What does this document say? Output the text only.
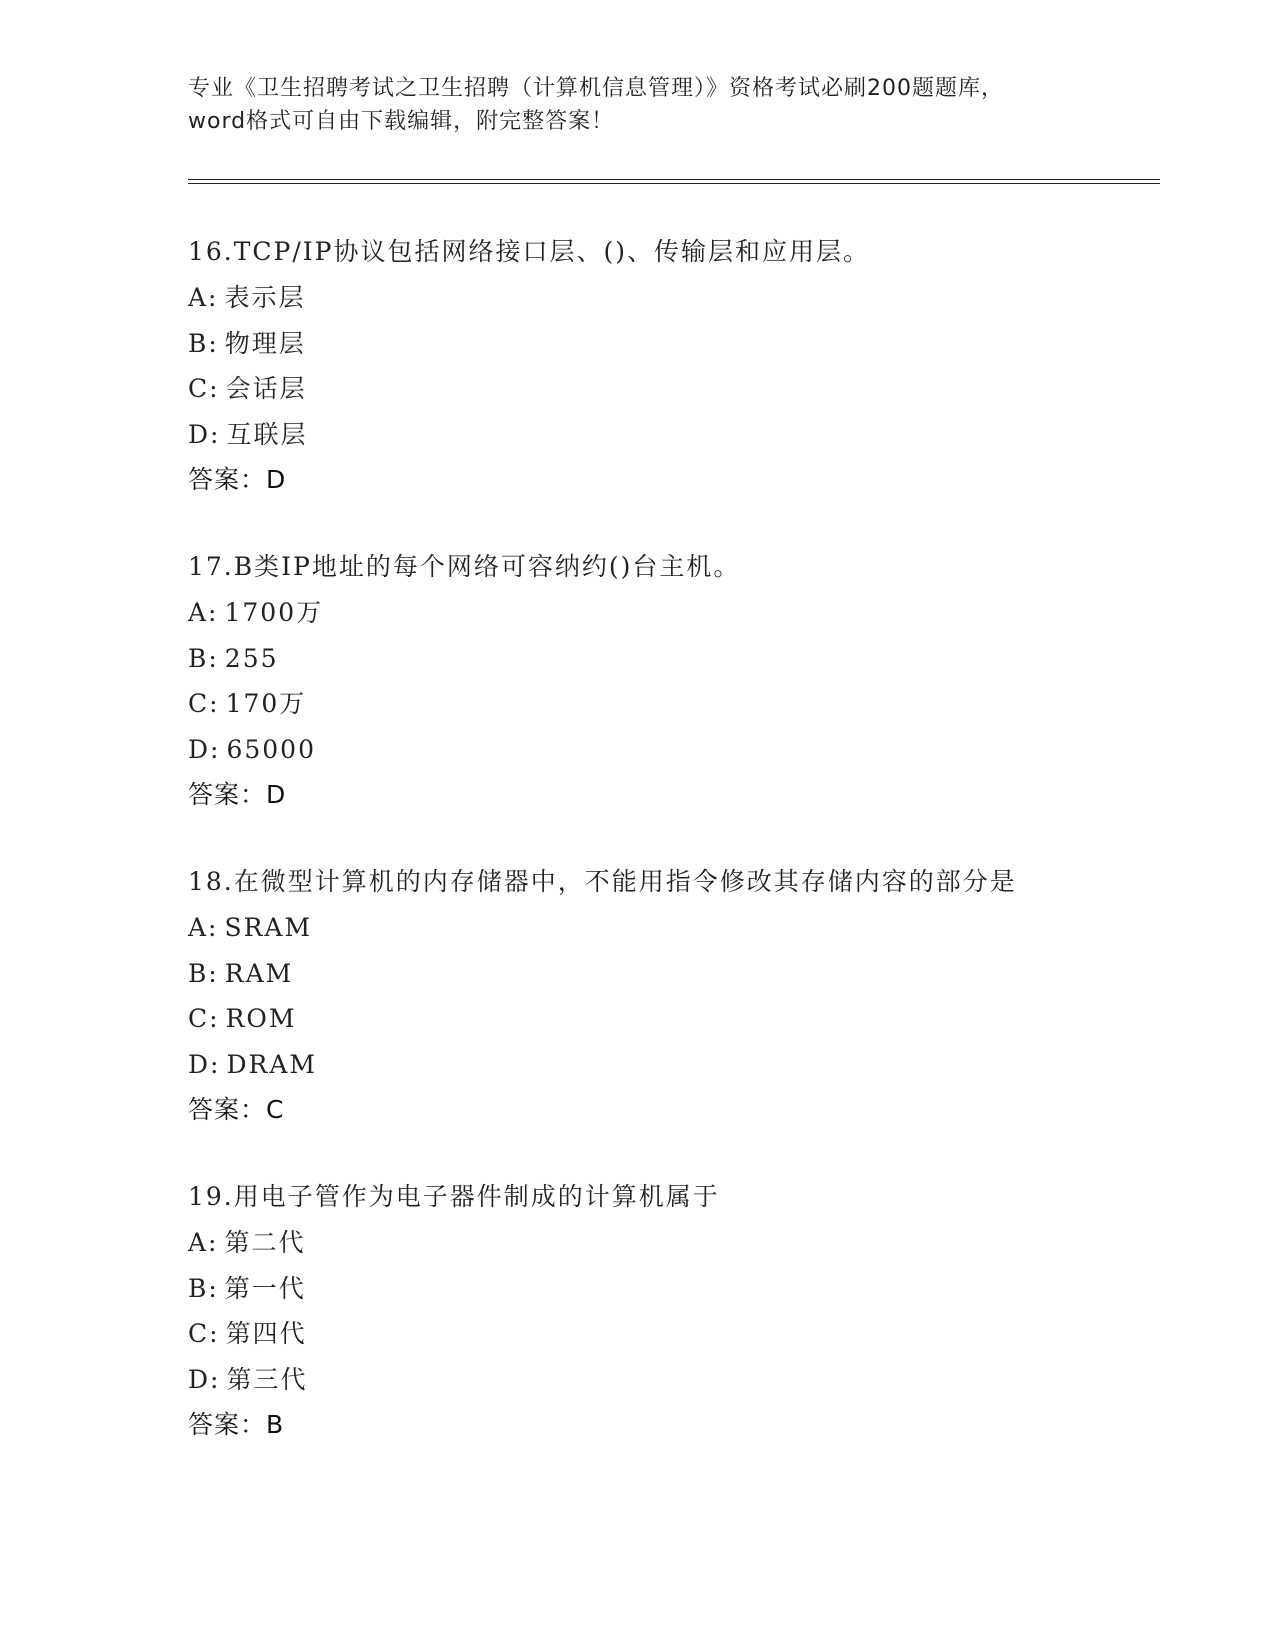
专业《卫生招聘考试之卫生招聘（计算机信息管理）》资格考试必刷200题题库，
word格式可自由下载编辑，附完整答案！
16.TCP/IP协议包括网络接口层、()、传输层和应用层。
A: 表示层
B: 物理层
C: 会话层
D: 互联层
答案：D
17.B类IP地址的每个网络可容纳约()台主机。
A: 1700万
B: 255
C: 170万
D: 65000
答案：D
18.在微型计算机的内存储器中，不能用指令修改其存储内容的部分是
A: SRAM
B: RAM
C: ROM
D: DRAM
答案：C
19.用电子管作为电子器件制成的计算机属于
A: 第二代
B: 第一代
C: 第四代
D: 第三代
答案：B
